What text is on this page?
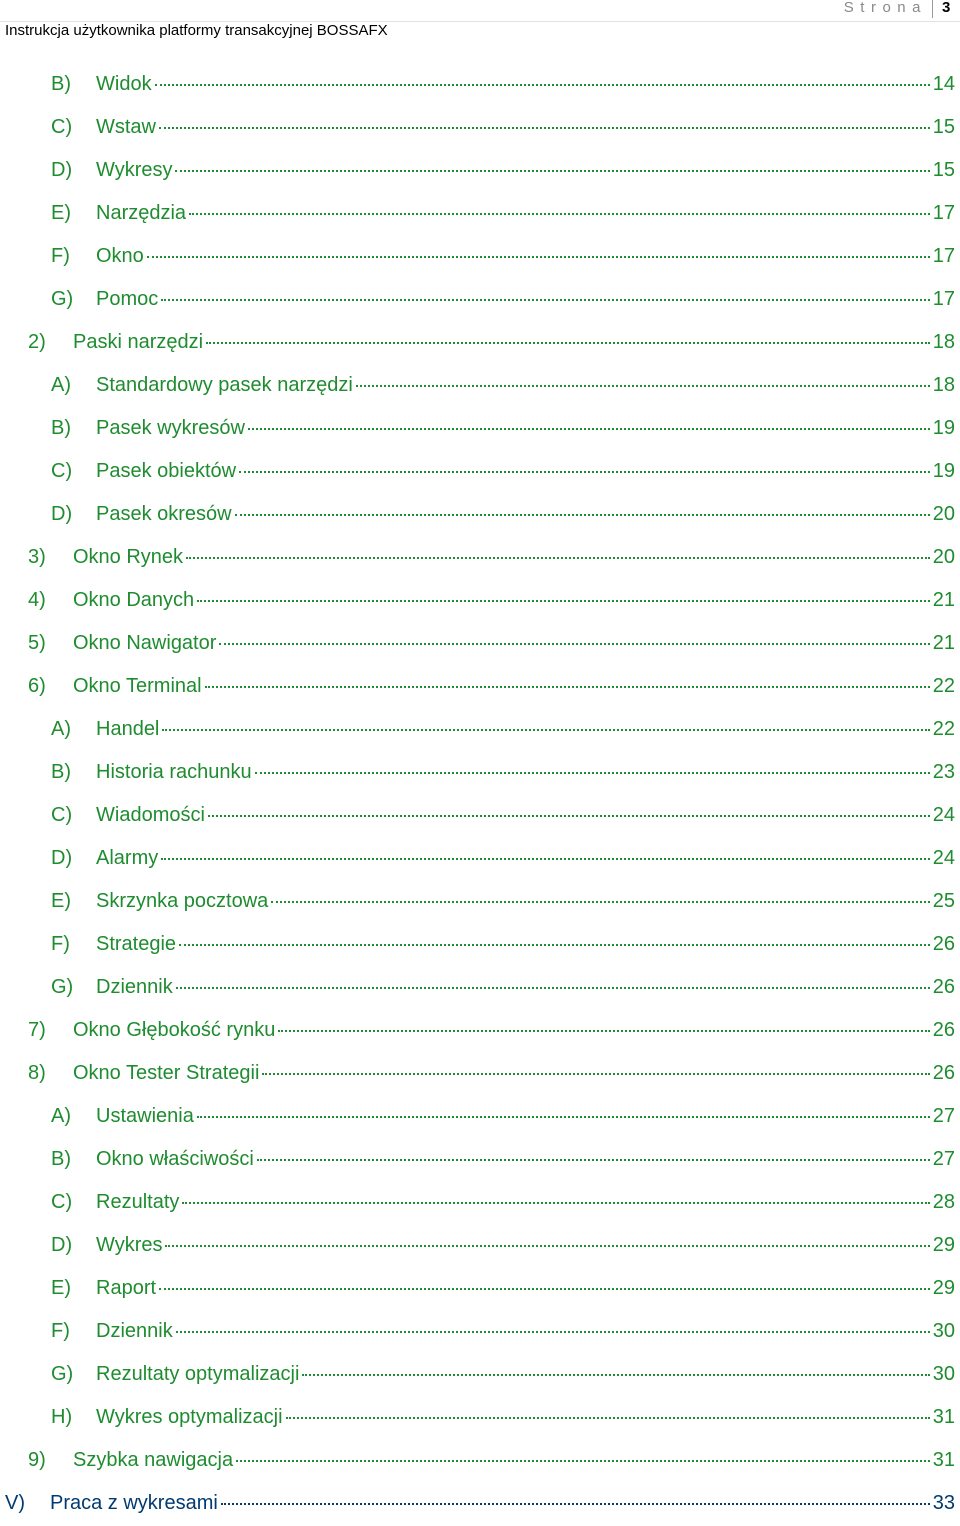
Instrukcja użytkownika platformy transakcyjnej BOSSAFX
Strona 3
B) Widok	14
C) Wstaw	15
D) Wykresy	15
E) Narzędzia	17
F) Okno	17
G) Pomoc	17
2) Paski narzędzi	18
A) Standardowy pasek narzędzi	18
B) Pasek wykresów	19
C) Pasek obiektów	19
D) Pasek okresów	20
3) Okno Rynek	20
4) Okno Danych	21
5) Okno Nawigator	21
6) Okno Terminal	22
A) Handel	22
B) Historia rachunku	23
C) Wiadomości	24
D) Alarmy	24
E) Skrzynka pocztowa	25
F) Strategie	26
G) Dziennik	26
7) Okno Głębokość rynku	26
8) Okno Tester Strategii	26
A) Ustawienia	27
B) Okno właściwości	27
C) Rezultaty	28
D) Wykres	29
E) Raport	29
F) Dziennik	30
G) Rezultaty optymalizacji	30
H) Wykres optymalizacji	31
9) Szybka nawigacja	31
V) Praca z wykresami	33
